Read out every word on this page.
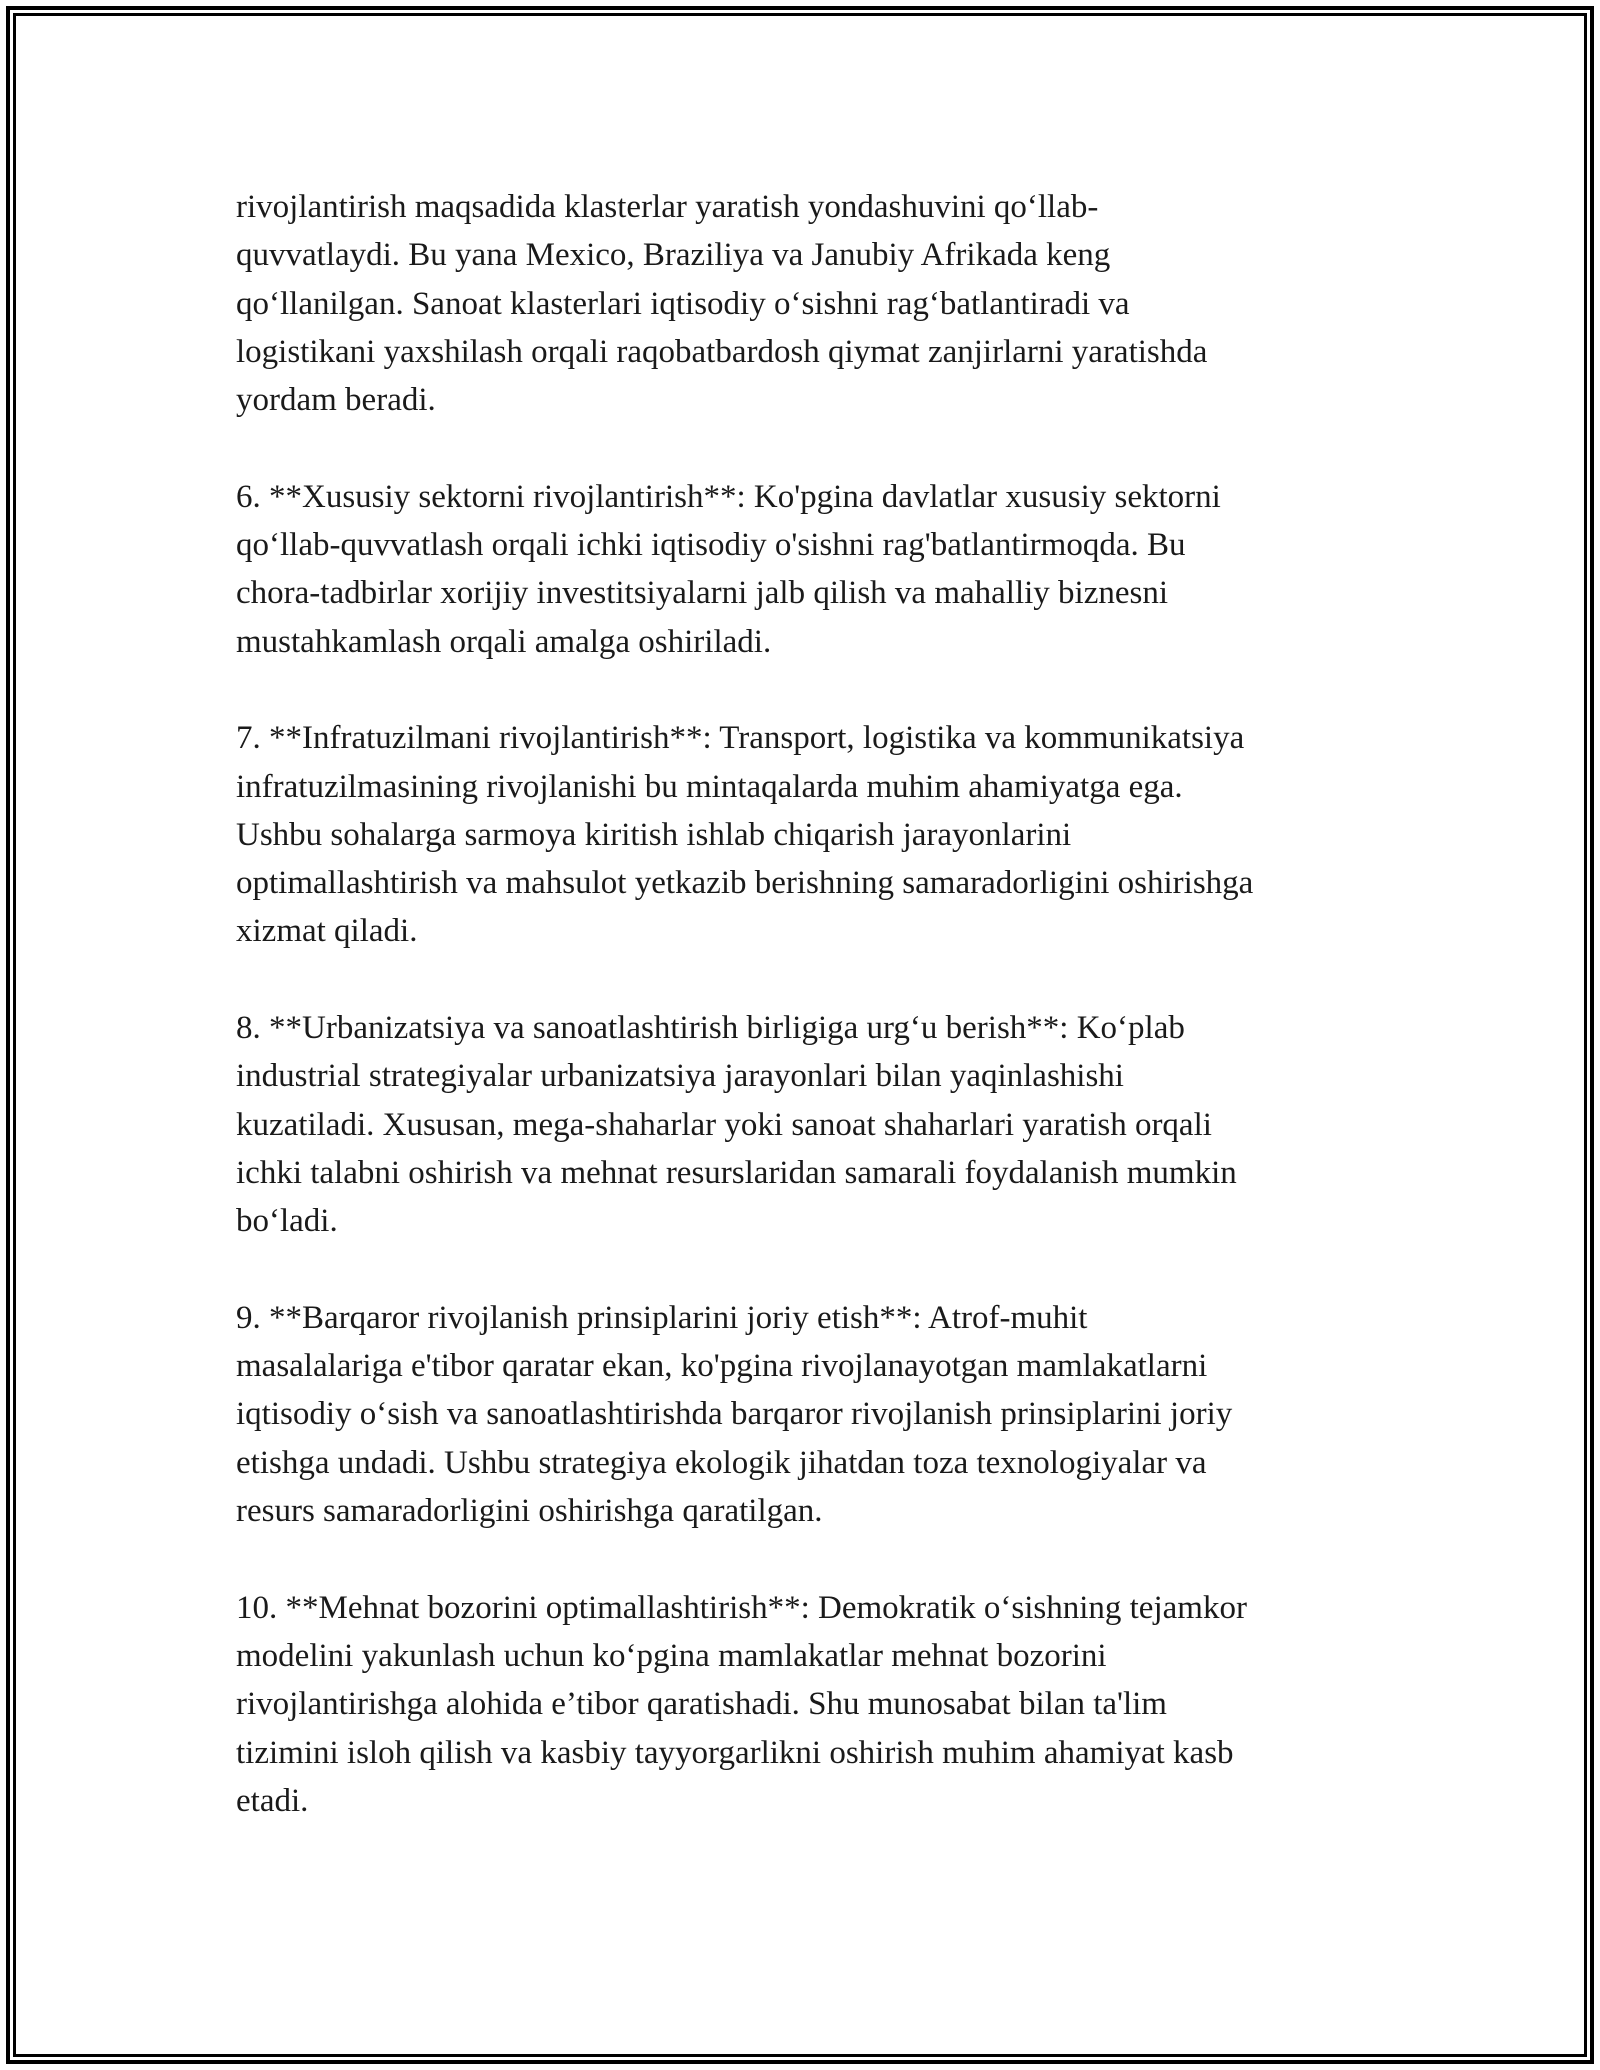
rivojlantirish maqsadida klasterlar yaratish yondashuvini qo‘llab-
quvvatlaydi. Bu yana Mexico, Braziliya va Janubiy Afrikada keng
qo‘llanilgan. Sanoat klasterlari iqtisodiy o‘sishni rag‘batlantiradi va
logistikani yaxshilash orqali raqobatbardosh qiymat zanjirlarni yaratishda
yordam beradi.

6. **Xususiy sektorni rivojlantirish**: Ko'pgina davlatlar xususiy sektorni
qo‘llab-quvvatlash orqali ichki iqtisodiy o'sishni rag'batlantirmoqda. Bu
chora-tadbirlar xorijiy investitsiyalarni jalb qilish va mahalliy biznesni
mustahkamlash orqali amalga oshiriladi.

7. **Infratuzilmani rivojlantirish**: Transport, logistika va kommunikatsiya
infratuzilmasining rivojlanishi bu mintaqalarda muhim ahamiyatga ega.
Ushbu sohalarga sarmoya kiritish ishlab chiqarish jarayonlarini
optimallashtirish va mahsulot yetkazib berishning samaradorligini oshirishga
xizmat qiladi.

8. **Urbanizatsiya va sanoatlashtirish birligiga urg‘u berish**: Ko‘plab
industrial strategiyalar urbanizatsiya jarayonlari bilan yaqinlashishi
kuzatiladi. Xususan, mega-shaharlar yoki sanoat shaharlari yaratish orqali
ichki talabni oshirish va mehnat resurslaridan samarali foydalanish mumkin
bo‘ladi.

9. **Barqaror rivojlanish prinsiplarini joriy etish**: Atrof-muhit
masalalariga e'tibor qaratar ekan, ko'pgina rivojlanayotgan mamlakatlarni
iqtisodiy o‘sish va sanoatlashtirishda barqaror rivojlanish prinsiplarini joriy
etishga undadi. Ushbu strategiya ekologik jihatdan toza texnologiyalar va
resurs samaradorligini oshirishga qaratilgan.

10. **Mehnat bozorini optimallashtirish**: Demokratik o‘sishning tejamkor
modelini yakunlash uchun ko‘pgina mamlakatlar mehnat bozorini
rivojlantirishga alohida e’tibor qaratishadi. Shu munosabat bilan ta'lim
tizimini isloh qilish va kasbiy tayyorgarlikni oshirish muhim ahamiyat kasb
etadi.
